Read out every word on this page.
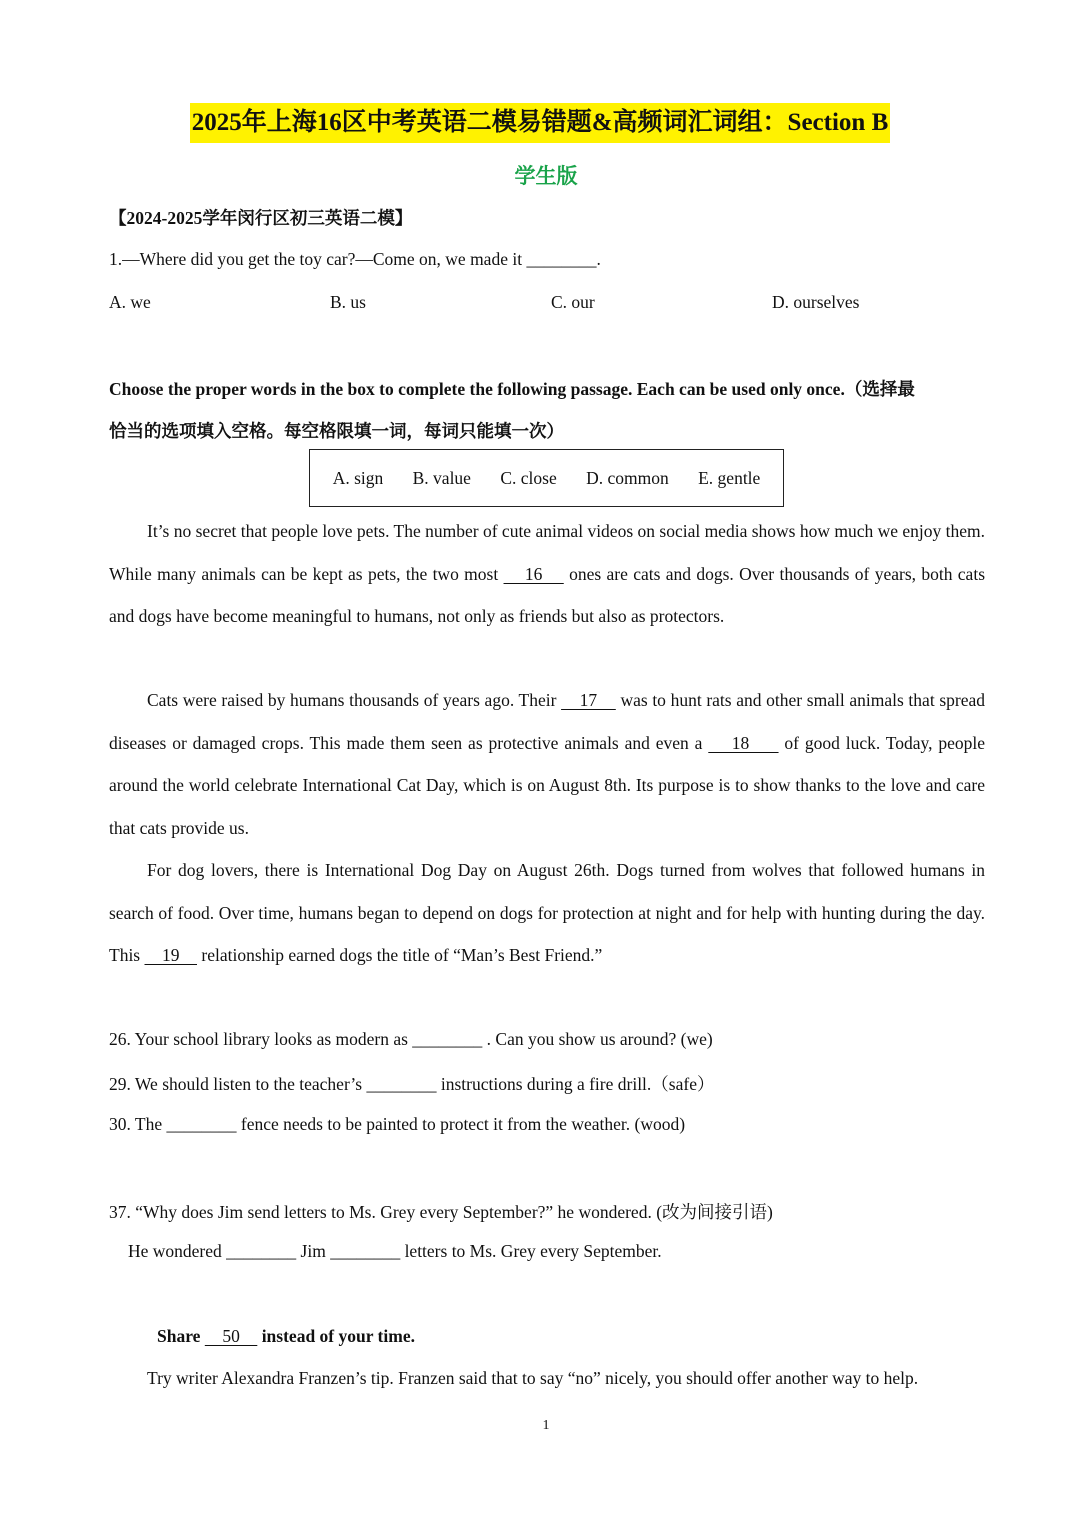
2025年上海16区中考英语二模易错题&高频词汇词组：Section B
学生版
【2024-2025学年闵行区初三英语二模】
1.—Where did you get the toy car?—Come on, we made it ________.
A. we	B. us	C. our	D. ourselves
Choose the proper words in the box to complete the following passage. Each can be used only once.（选择最
恰当的选项填入空格。每空格限填一词，每词只能填一次）
A. sign B. value C. close D. common E. gentle
It’s no secret that people love pets. The number of cute animal videos on social media shows how much we enjoy them. While many animals can be kept as pets, the two most     16     ones are cats and dogs. Over thousands of years, both cats and dogs have become meaningful to humans, not only as friends but also as protectors.
Cats were raised by humans thousands of years ago. Their     17     was to hunt rats and other small animals that spread diseases or damaged crops. This made them seen as protective animals and even a     18      of good luck. Today, people around the world celebrate International Cat Day, which is on August 8th. Its purpose is to show thanks to the love and care that cats provide us.
For dog lovers, there is International Dog Day on August 26th. Dogs turned from wolves that followed humans in search of food. Over time, humans began to depend on dogs for protection at night and for help with hunting during the day. This     19     relationship earned dogs the title of “Man’s Best Friend.”
26. Your school library looks as modern as ________ . Can you show us around? (we)
29. We should listen to the teacher’s ________ instructions during a fire drill.（safe）
30. The ________ fence needs to be painted to protect it from the weather. (wood)
37. “Why does Jim send letters to Ms. Grey every September?” he wondered. (改为间接引语)
He wondered ________ Jim ________ letters to Ms. Grey every September.
Share     50     instead of your time.
Try writer Alexandra Franzen’s tip. Franzen said that to say “no” nicely, you should offer another way to help.
1
